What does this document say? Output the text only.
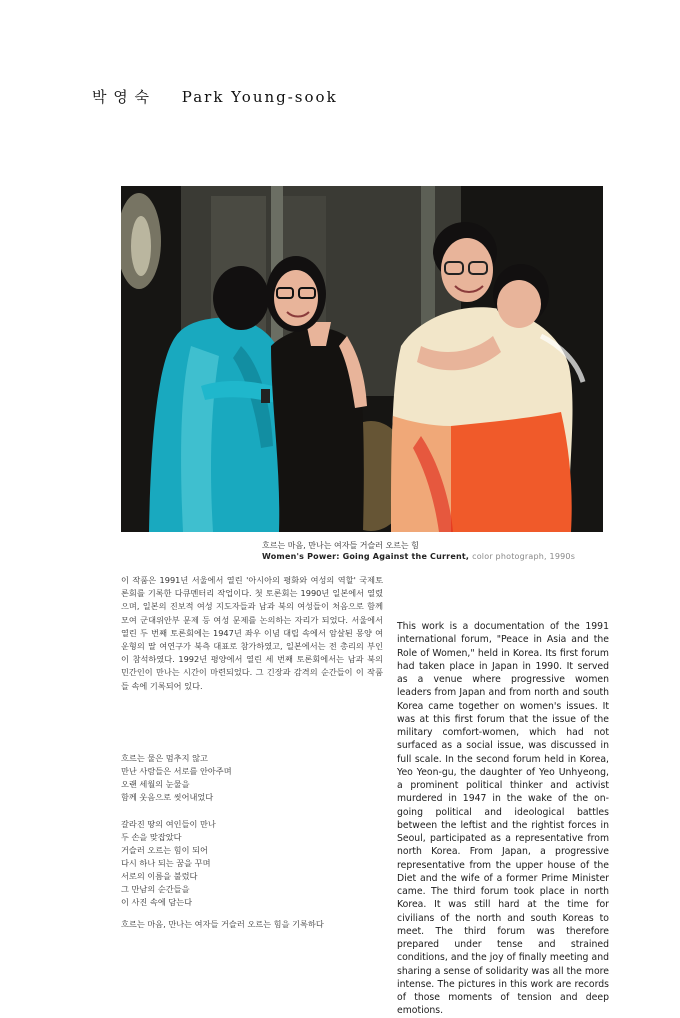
박 영 숙 Park Young-sook
흐르는 마음, 만나는 여자들 거슬러 오르는 힘
Women's Power: Going Against the Current, color photograph, 1990s
이 작품은 1991년 서울에서 열린 '아시아의 평화와 여성의 역할' 국제토론회를 기록한 다큐멘터리 작업이다. 첫 토론회는 1990년 일본에서 열렸으며, 일본의 진보적 여성 지도자들과 남과 북의 여성들이 처음으로 함께 모여 군대위안부 문제 등 여성 문제를 논의하는 자리가 되었다. 서울에서 열린 두 번째 토론회에는 1947년 좌우 이념 대립 속에서 암살된 몽양 여운형의 딸 여연구가 북측 대표로 참가하였고, 일본에서는 전 총리의 부인이 참석하였다. 1992년 평양에서 열린 세 번째 토론회에서는 남과 북의 민간인이 만나는 시간이 마련되었다. 그 긴장과 감격의 순간들이 이 작품들 속에 기록되어 있다.
흐르는 물은 멈추지 않고
만난 사람들은 서로를 안아주며
오랜 세월의 눈물을
함께 웃음으로 씻어내었다
갈라진 땅의 여인들이 만나
두 손을 맞잡았다
거슬러 오르는 힘이 되어
다시 하나 되는 꿈을 꾸며
서로의 이름을 불렀다
그 만남의 순간들을
이 사진 속에 담는다
흐르는 마음, 만나는 여자들 거슬러 오르는 힘을 기록하다
This work is a documentation of the 1991 international forum, "Peace in Asia and the Role of Women," held in Korea. Its first forum had taken place in Japan in 1990. It served as a venue where progressive women leaders from Japan and from north and south Korea came together on women's issues. It was at this first forum that the issue of the military comfort-women, which had not surfaced as a social issue, was discussed in full scale. In the second forum held in Korea, Yeo Yeon-gu, the daughter of Yeo Unhyeong, a prominent political thinker and activist murdered in 1947 in the wake of the on-going political and ideological battles between the leftist and the rightist forces in Seoul, participated as a representative from north Korea. From Japan, a progressive representative from the upper house of the Diet and the wife of a former Prime Minister came. The third forum took place in north Korea. It was still hard at the time for civilians of the north and south Koreas to meet. The third forum was therefore prepared under tense and strained conditions, and the joy of finally meeting and sharing a sense of solidarity was all the more intense. The pictures in this work are records of those moments of tension and deep emotions.
